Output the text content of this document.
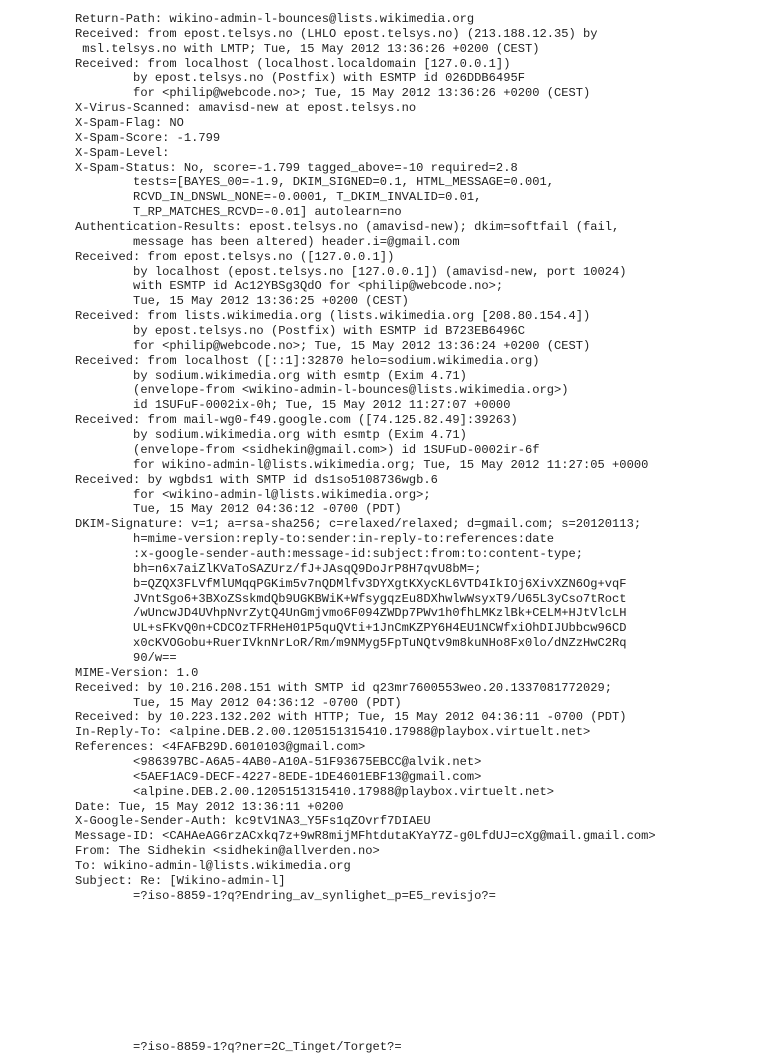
Return-Path: wikino-admin-l-bounces@lists.wikimedia.org
Received: from epost.telsys.no (LHLO epost.telsys.no) (213.188.12.35) by
msl.telsys.no with LMTP; Tue, 15 May 2012 13:36:26 +0200 (CEST)
Received: from localhost (localhost.localdomain [127.0.0.1])
by epost.telsys.no (Postfix) with ESMTP id 026DDB6495F
for <philip@webcode.no>; Tue, 15 May 2012 13:36:26 +0200 (CEST)
X-Virus-Scanned: amavisd-new at epost.telsys.no
X-Spam-Flag: NO
X-Spam-Score: -1.799
X-Spam-Level:
X-Spam-Status: No, score=-1.799 tagged_above=-10 required=2.8
tests=[BAYES_00=-1.9, DKIM_SIGNED=0.1, HTML_MESSAGE=0.001,
RCVD_IN_DNSWL_NONE=-0.0001, T_DKIM_INVALID=0.01,
T_RP_MATCHES_RCVD=-0.01] autolearn=no
Authentication-Results: epost.telsys.no (amavisd-new); dkim=softfail (fail,
message has been altered) header.i=@gmail.com
Received: from epost.telsys.no ([127.0.0.1])
by localhost (epost.telsys.no [127.0.0.1]) (amavisd-new, port 10024)
with ESMTP id Ac12YBSg3QdO for <philip@webcode.no>;
Tue, 15 May 2012 13:36:25 +0200 (CEST)
Received: from lists.wikimedia.org (lists.wikimedia.org [208.80.154.4])
by epost.telsys.no (Postfix) with ESMTP id B723EB6496C
for <philip@webcode.no>; Tue, 15 May 2012 13:36:24 +0200 (CEST)
Received: from localhost ([::1]:32870 helo=sodium.wikimedia.org)
by sodium.wikimedia.org with esmtp (Exim 4.71)
(envelope-from <wikino-admin-l-bounces@lists.wikimedia.org>)
id 1SUFuF-0002ix-0h; Tue, 15 May 2012 11:27:07 +0000
Received: from mail-wg0-f49.google.com ([74.125.82.49]:39263)
by sodium.wikimedia.org with esmtp (Exim 4.71)
(envelope-from <sidhekin@gmail.com>) id 1SUFuD-0002ir-6f
for wikino-admin-l@lists.wikimedia.org; Tue, 15 May 2012 11:27:05 +0000
Received: by wgbds1 with SMTP id ds1so5108736wgb.6
for <wikino-admin-l@lists.wikimedia.org>;
Tue, 15 May 2012 04:36:12 -0700 (PDT)
DKIM-Signature: v=1; a=rsa-sha256; c=relaxed/relaxed; d=gmail.com; s=20120113;
h=mime-version:reply-to:sender:in-reply-to:references:date
:x-google-sender-auth:message-id:subject:from:to:content-type;
bh=n6x7aiZlKVaToSAZUrz/fJ+JAsqQ9DoJrP8H7qvU8bM=;
b=QZQX3FLVfMlUMqqPGKim5v7nQDMlfv3DYXgtKXycKL6VTD4IkIOj6XivXZN6Og+vqF
JVntSgo6+3BXoZSskmdQb9UGKBWiK+WfsygqzEu8DXhwlwWsyxT9/U65L3yCso7tRoct
/wUncwJD4UVhpNvrZytQ4UnGmjvmo6F094ZWDp7PWv1h0fhLMKzlBk+CELM+HJtVlcLH
UL+sFKvQ0n+CDCOzTFRHeH01P5quQVti+1JnCmKZPY6H4EU1NCWfxiOhDIJUbbcw96CD
x0cKVOGobu+RuerIVknNrLoR/Rm/m9NMyg5FpTuNQtv9m8kuNHo8Fx0lo/dNZzHwC2Rq
90/w==
MIME-Version: 1.0
Received: by 10.216.208.151 with SMTP id q23mr7600553weo.20.1337081772029;
Tue, 15 May 2012 04:36:12 -0700 (PDT)
Received: by 10.223.132.202 with HTTP; Tue, 15 May 2012 04:36:11 -0700 (PDT)
In-Reply-To: <alpine.DEB.2.00.1205151315410.17988@playbox.virtuelt.net>
References: <4FAFB29D.6010103@gmail.com>
<986397BC-A6A5-4AB0-A10A-51F93675EBCC@alvik.net>
<5AEF1AC9-DECF-4227-8EDE-1DE4601EBF13@gmail.com>
<alpine.DEB.2.00.1205151315410.17988@playbox.virtuelt.net>
Date: Tue, 15 May 2012 13:36:11 +0200
X-Google-Sender-Auth: kc9tV1NA3_Y5Fs1qZOvrf7DIAEU
Message-ID: <CAHAeAG6rzACxkq7z+9wR8mijMFhtdutaKYaY7Z-g0LfdUJ=cXg@mail.gmail.com>
From: The Sidhekin <sidhekin@allverden.no>
To: wikino-admin-l@lists.wikimedia.org
Subject: Re: [Wikino-admin-l]
=?iso-8859-1?q?Endring_av_synlighet_p=E5_revisjo?=
=?iso-8859-1?q?ner=2C_Tinget/Torget?=
